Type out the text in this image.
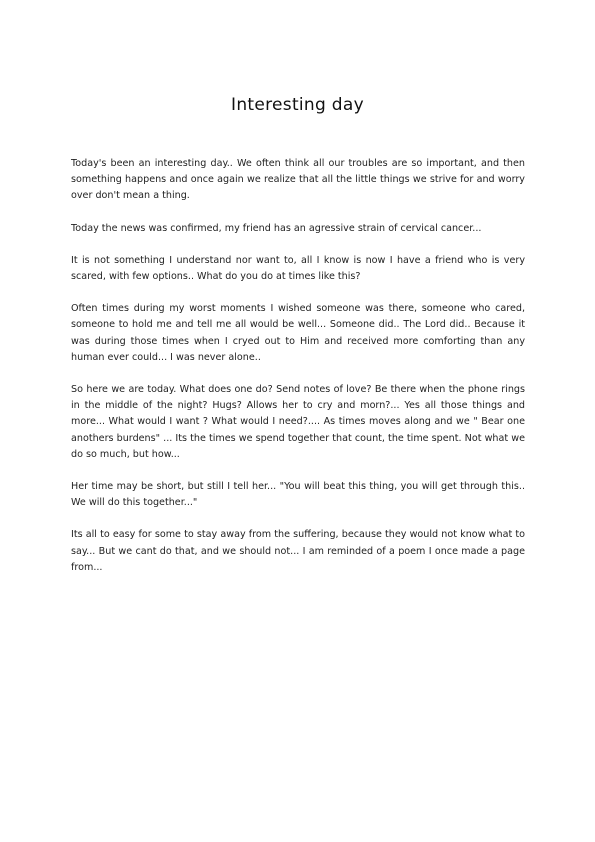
Interesting day

Today's been an interesting day.. We often think all our troubles are so important, and then something happens and once again we realize that all the little things we strive for and worry over don't mean a thing.

Today the news was confirmed, my friend has an agressive strain of cervical cancer...

It is not something I understand nor want to, all I know is now I have a friend who is very scared, with few options.. What do you do at times like this?

Often times during my worst moments I wished someone was there, someone who cared, someone to hold me and tell me all would be well... Someone did.. The Lord did.. Because it was during those times when I cryed out to Him and received more comforting than any human ever could... I was never alone..

So here we are today. What does one do? Send notes of love? Be there when the phone rings in the middle of the night? Hugs? Allows her to cry and morn?... Yes all those things and more... What would I want ? What would I need?.... As times moves along and we " Bear one anothers burdens" ... Its the times we spend together that count, the time spent. Not what we do so much, but how...

Her time may be short, but still I tell her... "You will beat this thing, you will get through this.. We will do this together..."

Its all to easy for some to stay away from the suffering, because they would not know what to say... But we cant do that, and we should not... I am reminded of a poem I once made a page from...
